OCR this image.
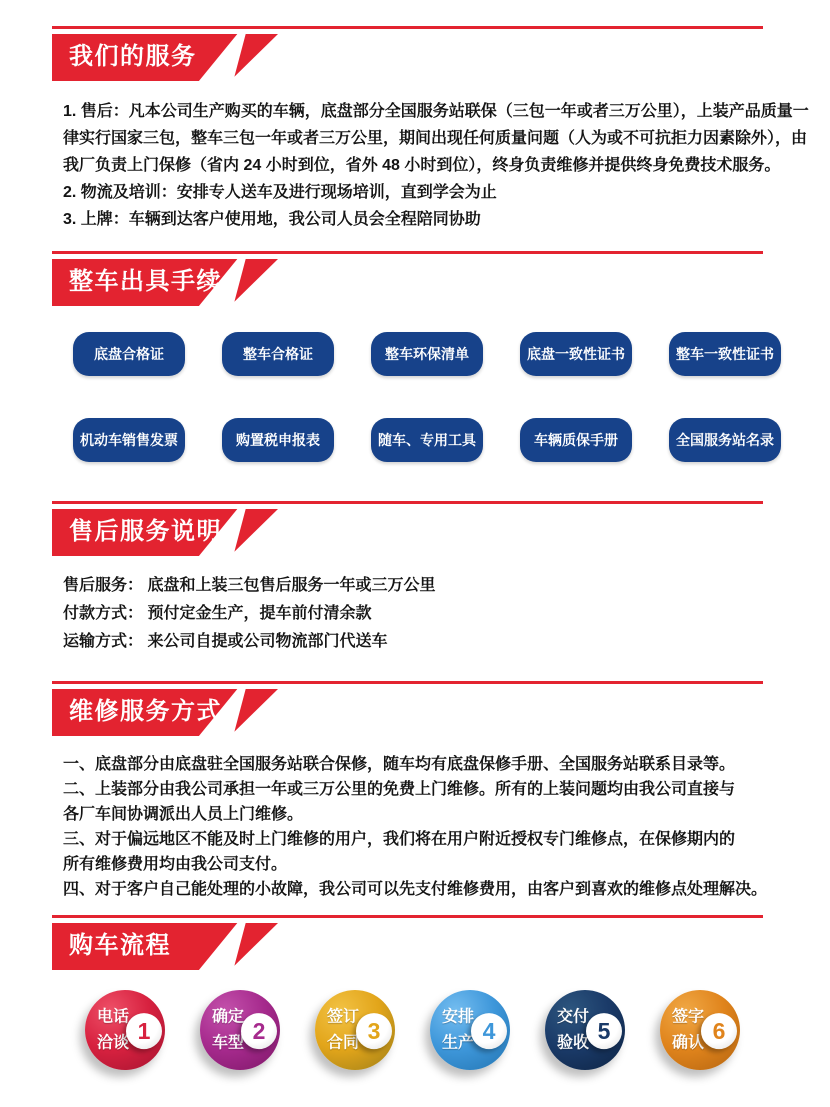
我们的服务
1. 售后：凡本公司生产购买的车辆，底盘部分全国服务站联保（三包一年或者三万公里），上装产品质量一
律实行国家三包，整车三包一年或者三万公里，期间出现任何质量问题（人为或不可抗拒力因素除外），由
我厂负责上门保修（省内 24 小时到位，省外 48 小时到位），终身负责维修并提供终身免费技术服务。
2. 物流及培训：安排专人送车及进行现场培训，直到学会为止
3. 上牌：车辆到达客户使用地，我公司人员会全程陪同协助
整车出具手续
底盘合格证	整车合格证	整车环保清单	底盘一致性证书	整车一致性证书
机动车销售发票	购置税申报表	随车、专用工具	车辆质保手册	全国服务站名录
售后服务说明
售后服务： 底盘和上装三包售后服务一年或三万公里
付款方式： 预付定金生产，提车前付清余款
运输方式： 来公司自提或公司物流部门代送车
维修服务方式
一、底盘部分由底盘驻全国服务站联合保修，随车均有底盘保修手册、全国服务站联系目录等。
二、上装部分由我公司承担一年或三万公里的免费上门维修。所有的上装问题均由我公司直接与
各厂车间协调派出人员上门维修。
三、对于偏远地区不能及时上门维修的用户，我们将在用户附近授权专门维修点，在保修期内的
所有维修费用均由我公司支付。
四、对于客户自己能处理的小故障，我公司可以先支付维修费用，由客户到喜欢的维修点处理解决。
购车流程
电话
洽谈 1
确定
车型 2
签订
合同 3
安排
生产 4
交付
验收 5
签字
确认 6
